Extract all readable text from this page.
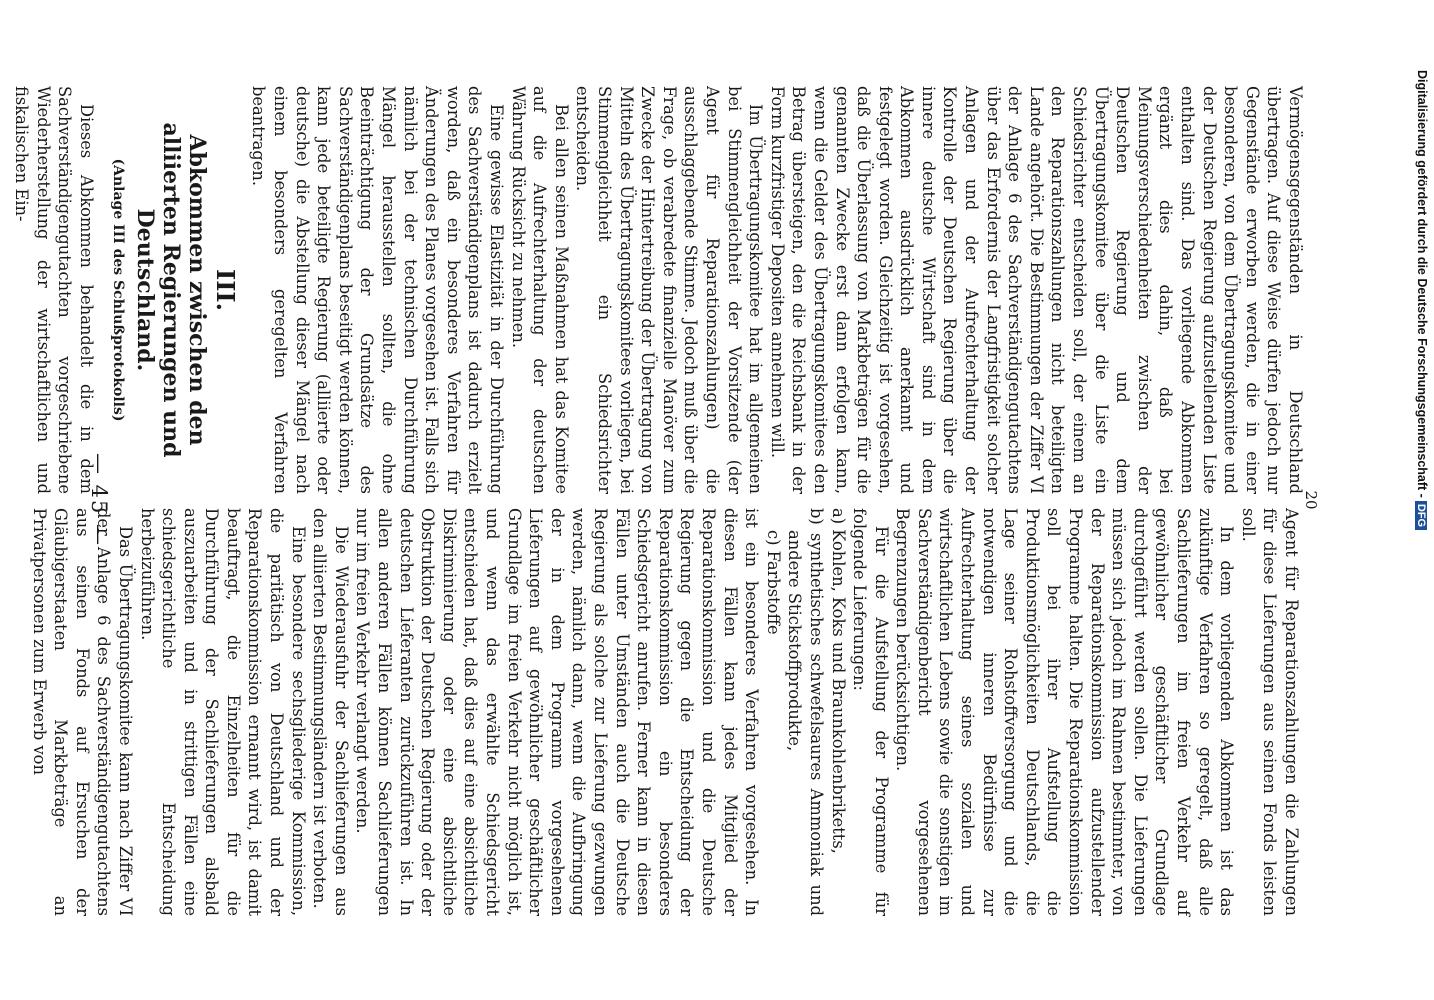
— 45 —

Agent für Reparationszahlungen die Zahlungen für diese Lieferungen aus seinen Fonds leisten soll.

In dem vorliegenden Abkommen ist das zukünftige Verfahren so geregelt, daß alle Sachlieferungen im freien Verkehr auf gewöhnlicher geschäftlicher Grundlage durchgeführt werden sollen. Die Lieferungen müssen sich jedoch im Rahmen bestimmter, von der Reparationskommission aufzustellender Programme halten. Die Reparationskommission soll bei ihrer Aufstellung die Produktionsmöglichkeiten Deutschlands, die Lage seiner Rohstoffversorgung und die notwendigen inneren Bedürfnisse zur Aufrechterhaltung seines sozialen und wirtschaftlichen Lebens sowie die sonstigen im Sachverständigenbericht vorgesehenen Begrenzungen berücksichtigen.

Für die Aufstellung der Programme für folgende Lieferungen:

a) Kohlen, Koks und Braunkohlenbriketts,
b) synthetisches schwefelsaures Ammoniak und andere Stickstoffprodukte,
c) Farbstoffe

ist ein besonderes Verfahren vorgesehen. In diesen Fällen kann jedes Mitglied der Reparationskommission und die Deutsche Regierung gegen die Entscheidung der Reparationskommission ein besonderes Schiedsgericht anrufen. Ferner kann in diesen Fällen unter Umständen auch die Deutsche Regierung als solche zur Lieferung gezwungen werden, nämlich dann, wenn die Aufbringung der in dem Programm vorgesehenen Lieferungen auf gewöhnlicher geschäftlicher Grundlage im freien Verkehr nicht möglich ist, und wenn das erwählte Schiedsgericht entschieden hat, daß dies auf eine absichtliche Diskriminierung oder eine absichtliche Obstruktion der Deutschen Regierung oder der deutschen Lieferanten zurückzuführen ist. In allen anderen Fällen können Sachlieferungen nur im freien Verkehr verlangt werden.

Die Wiederausfuhr der Sachlieferungen aus den alliierten Bestimmungsländern ist verboten.

Eine besondere sechsgliederige Kommission, die paritätisch von Deutschland und der Reparationskommission ernannt wird, ist damit beauftragt, die Einzelheiten für die Durchführung der Sachlieferungen alsbald auszuarbeiten und in strittigen Fällen eine schiedsgerichtliche Entscheidung herbeizuführen.

Das Übertragungskomitee kann nach Ziffer VI der Anlage 6 des Sachverständigengutachtens aus seinen Fonds auf Ersuchen der Gläubigerstaaten Markbeträge an Privatpersonen zum Erwerb von

Vermögensgegenständen in Deutschland übertragen. Auf diese Weise dürfen jedoch nur Gegenstände erworben werden, die in einer besonderen, von dem Übertragungskomitee und der Deutschen Regierung aufzustellenden Liste enthalten sind. Das vorliegende Abkommen ergänzt dies dahin, daß bei Meinungsverschiedenheiten zwischen der Deutschen Regierung und dem Übertragungskomitee über die Liste ein Schiedsrichter entscheiden soll, der einem an den Reparationszahlungen nicht beteiligten Lande angehört. Die Bestimmungen der Ziffer VI der Anlage 6 des Sachverständigengutachtens über das Erfordernis der Langfristigkeit solcher Anlagen und der Aufrechterhaltung der Kontrolle der Deutschen Regierung über die innere deutsche Wirtschaft sind in dem Abkommen ausdrücklich anerkannt und festgelegt worden. Gleichzeitig ist vorgesehen, daß die Überlassung von Markbeträgen für die genannten Zwecke erst dann erfolgen kann, wenn die Gelder des Übertragungskomitees den Betrag übersteigen, den die Reichsbank in der Form kurzfristiger Depositen annehmen will.

Im Übertragungskomitee hat im allgemeinen bei Stimmengleichheit der Vorsitzende (der Agent für Reparationszahlungen) die ausschlaggebende Stimme. Jedoch muß über die Frage, ob verabredete finanzielle Manöver zum Zwecke der Hintertreibung der Übertragung von Mitteln des Übertragungskomitees vorliegen, bei Stimmengleichheit ein Schiedsrichter entscheiden.

Bei allen seinen Maßnahmen hat das Komitee auf die Aufrechterhaltung der deutschen Währung Rücksicht zu nehmen.

Eine gewisse Elastizität in der Durchführung des Sachverständigenplans ist dadurch erzielt worden, daß ein besonderes Verfahren für Änderungen des Planes vorgesehen ist. Falls sich nämlich bei der technischen Durchführung Mängel herausstellen sollten, die ohne Beeinträchtigung der Grundsätze des Sachverständigenplans beseitigt werden können, kann jede beteiligte Regierung (alliierte oder deutsche) die Abstellung dieser Mängel nach einem besonders geregelten Verfahren beantragen.

III.
Abkommen zwischen den alliierten Regierungen und Deutschland.
(Anlage III des Schlußprotokolls)

Dieses Abkommen behandelt die in dem Sachverständigengutachten vorgeschriebene Wiederherstellung der wirtschaftlichen und fiskalischen Ein-

20
Digitalisierung gefördert durch die Deutsche Forschungsgemeinschaft -DFG
